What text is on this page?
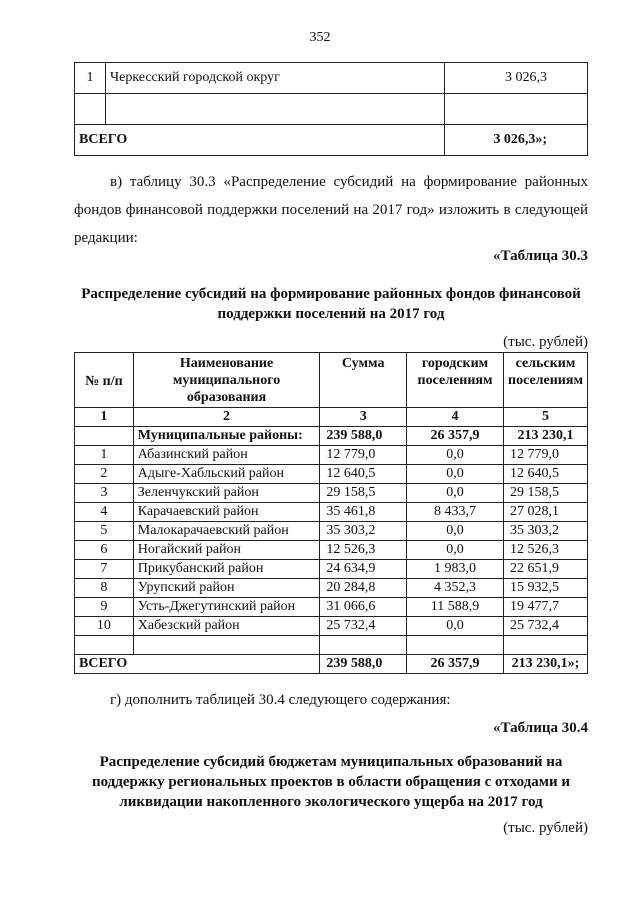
352
1	Черкесский городской округ	3 026,3

ВСЕГО		3 026,3»;
в) таблицу 30.3 «Распределение субсидий на формирование районных фондов финансовой поддержки поселений на 2017 год» изложить в следующей редакции:
«Таблица 30.3
Распределение субсидий на формирование районных фондов финансовой поддержки поселений на 2017 год
(тыс. рублей)
№ п/п	Наименование муниципального образования	Сумма	городским поселениям	сельским поселениям
1	2	3	4	5
	Муниципальные районы:	239 588,0	26 357,9	213 230,1
1	Абазинский район	12 779,0	0,0	12 779,0
2	Адыге-Хабльский район	12 640,5	0,0	12 640,5
3	Зеленчукский район	29 158,5	0,0	29 158,5
4	Карачаевский район	35 461,8	8 433,7	27 028,1
5	Малокарачаевский район	35 303,2	0,0	35 303,2
6	Ногайский район	12 526,3	0,0	12 526,3
7	Прикубанский район	24 634,9	1 983,0	22 651,9
8	Урупский район	20 284,8	4 352,3	15 932,5
9	Усть-Джегутинский район	31 066,6	11 588,9	19 477,7
10	Хабезский район	25 732,4	0,0	25 732,4

ВСЕГО		239 588,0	26 357,9	213 230,1»;
г) дополнить таблицей 30.4 следующего содержания:
«Таблица 30.4
Распределение субсидий бюджетам муниципальных образований на поддержку региональных проектов в области обращения с отходами и ликвидации накопленного экологического ущерба на 2017 год
(тыс. рублей)
